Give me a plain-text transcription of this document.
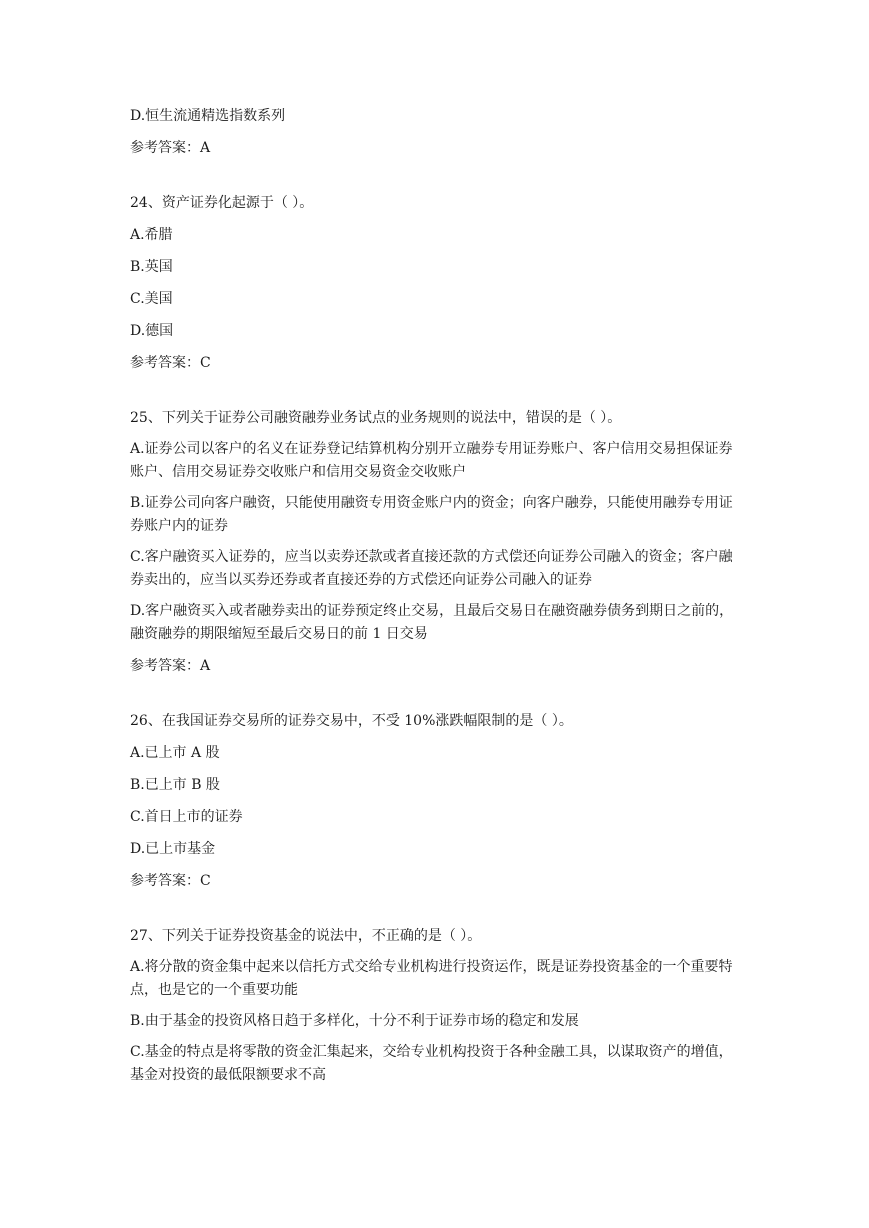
D.恒生流通精选指数系列

参考答案：A

24、资产证券化起源于（ ）。

A.希腊

B.英国

C.美国

D.德国

参考答案：C

25、下列关于证券公司融资融券业务试点的业务规则的说法中，错误的是（ ）。

A.证券公司以客户的名义在证券登记结算机构分别开立融券专用证券账户、客户信用交易担保证券账户、信用交易证券交收账户和信用交易资金交收账户

B.证券公司向客户融资，只能使用融资专用资金账户内的资金；向客户融券，只能使用融券专用证券账户内的证券

C.客户融资买入证券的，应当以卖券还款或者直接还款的方式偿还向证券公司融入的资金；客户融券卖出的，应当以买券还券或者直接还券的方式偿还向证券公司融入的证券

D.客户融资买入或者融券卖出的证券预定终止交易，且最后交易日在融资融券债务到期日之前的，融资融券的期限缩短至最后交易日的前 1 日交易

参考答案：A

26、在我国证券交易所的证券交易中，不受 10%涨跌幅限制的是（ ）。

A.已上市 A 股

B.已上市 B 股

C.首日上市的证券

D.已上市基金

参考答案：C

27、下列关于证券投资基金的说法中，不正确的是（ ）。

A.将分散的资金集中起来以信托方式交给专业机构进行投资运作，既是证券投资基金的一个重要特点，也是它的一个重要功能

B.由于基金的投资风格日趋于多样化，十分不利于证券市场的稳定和发展

C.基金的特点是将零散的资金汇集起来，交给专业机构投资于各种金融工具，以谋取资产的增值，基金对投资的最低限额要求不高
